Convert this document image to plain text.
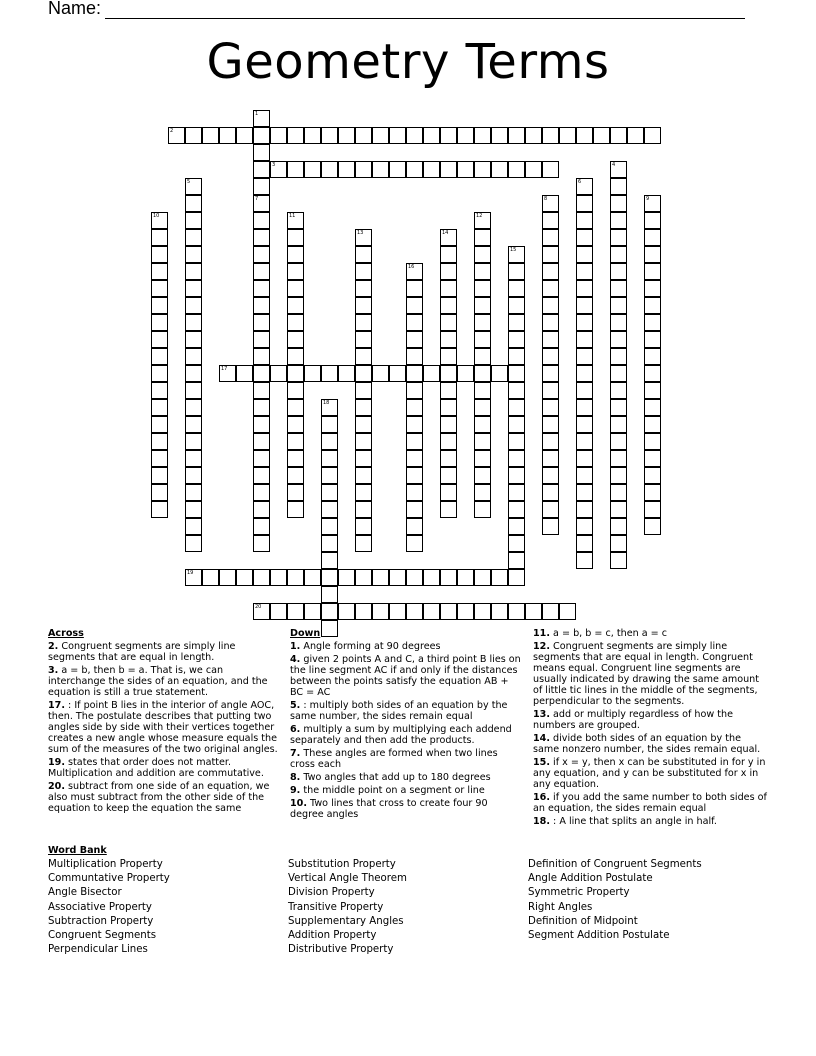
Name:
Geometry Terms
1
7
2
3	4
5	6
8	9
10	11	12
13	14
15
16
17
18
19
20
Across
2. Congruent segments are simply line segments that are equal in length.
3. a = b, then b = a. That is, we can interchange the sides of an equation, and the equation is still a true statement.
17. : If point B lies in the interior of angle AOC, then. The postulate describes that putting two angles side by side with their vertices together creates a new angle whose measure equals the sum of the measures of the two original angles.
19. states that order does not matter. Multiplication and addition are commutative.
20. subtract from one side of an equation, we also must subtract from the other side of the equation to keep the equation the same
Down
1. Angle forming at 90 degrees
4. given 2 points A and C, a third point B lies on the line segment AC if and only if the distances between the points satisfy the equation AB + BC = AC
5. : multiply both sides of an equation by the same number, the sides remain equal
6. multiply a sum by multiplying each addend separately and then add the products.
7. These angles are formed when two lines cross each
8. Two angles that add up to 180 degrees
9. the middle point on a segment or line
10. Two lines that cross to create four 90 degree angles
11. a = b, b = c, then a = c
12. Congruent segments are simply line segments that are equal in length. Congruent means equal. Congruent line segments are usually indicated by drawing the same amount of little tic lines in the middle of the segments, perpendicular to the segments.
13. add or multiply regardless of how the numbers are grouped.
14. divide both sides of an equation by the same nonzero number, the sides remain equal.
15. if x = y, then x can be substituted in for y in any equation, and y can be substituted for x in any equation.
16. if you add the same number to both sides of an equation, the sides remain equal
18. : A line that splits an angle in half.
Word Bank
Multiplication Property
Communtative Property
Angle Bisector
Associative Property
Subtraction Property
Congruent Segments
Perpendicular Lines
Substitution Property
Vertical Angle Theorem
Division Property
Transitive Property
Supplementary Angles
Addition Property
Distributive Property
Definition of Congruent Segments
Angle Addition Postulate
Symmetric Property
Right Angles
Definition of Midpoint
Segment Addition Postulate
